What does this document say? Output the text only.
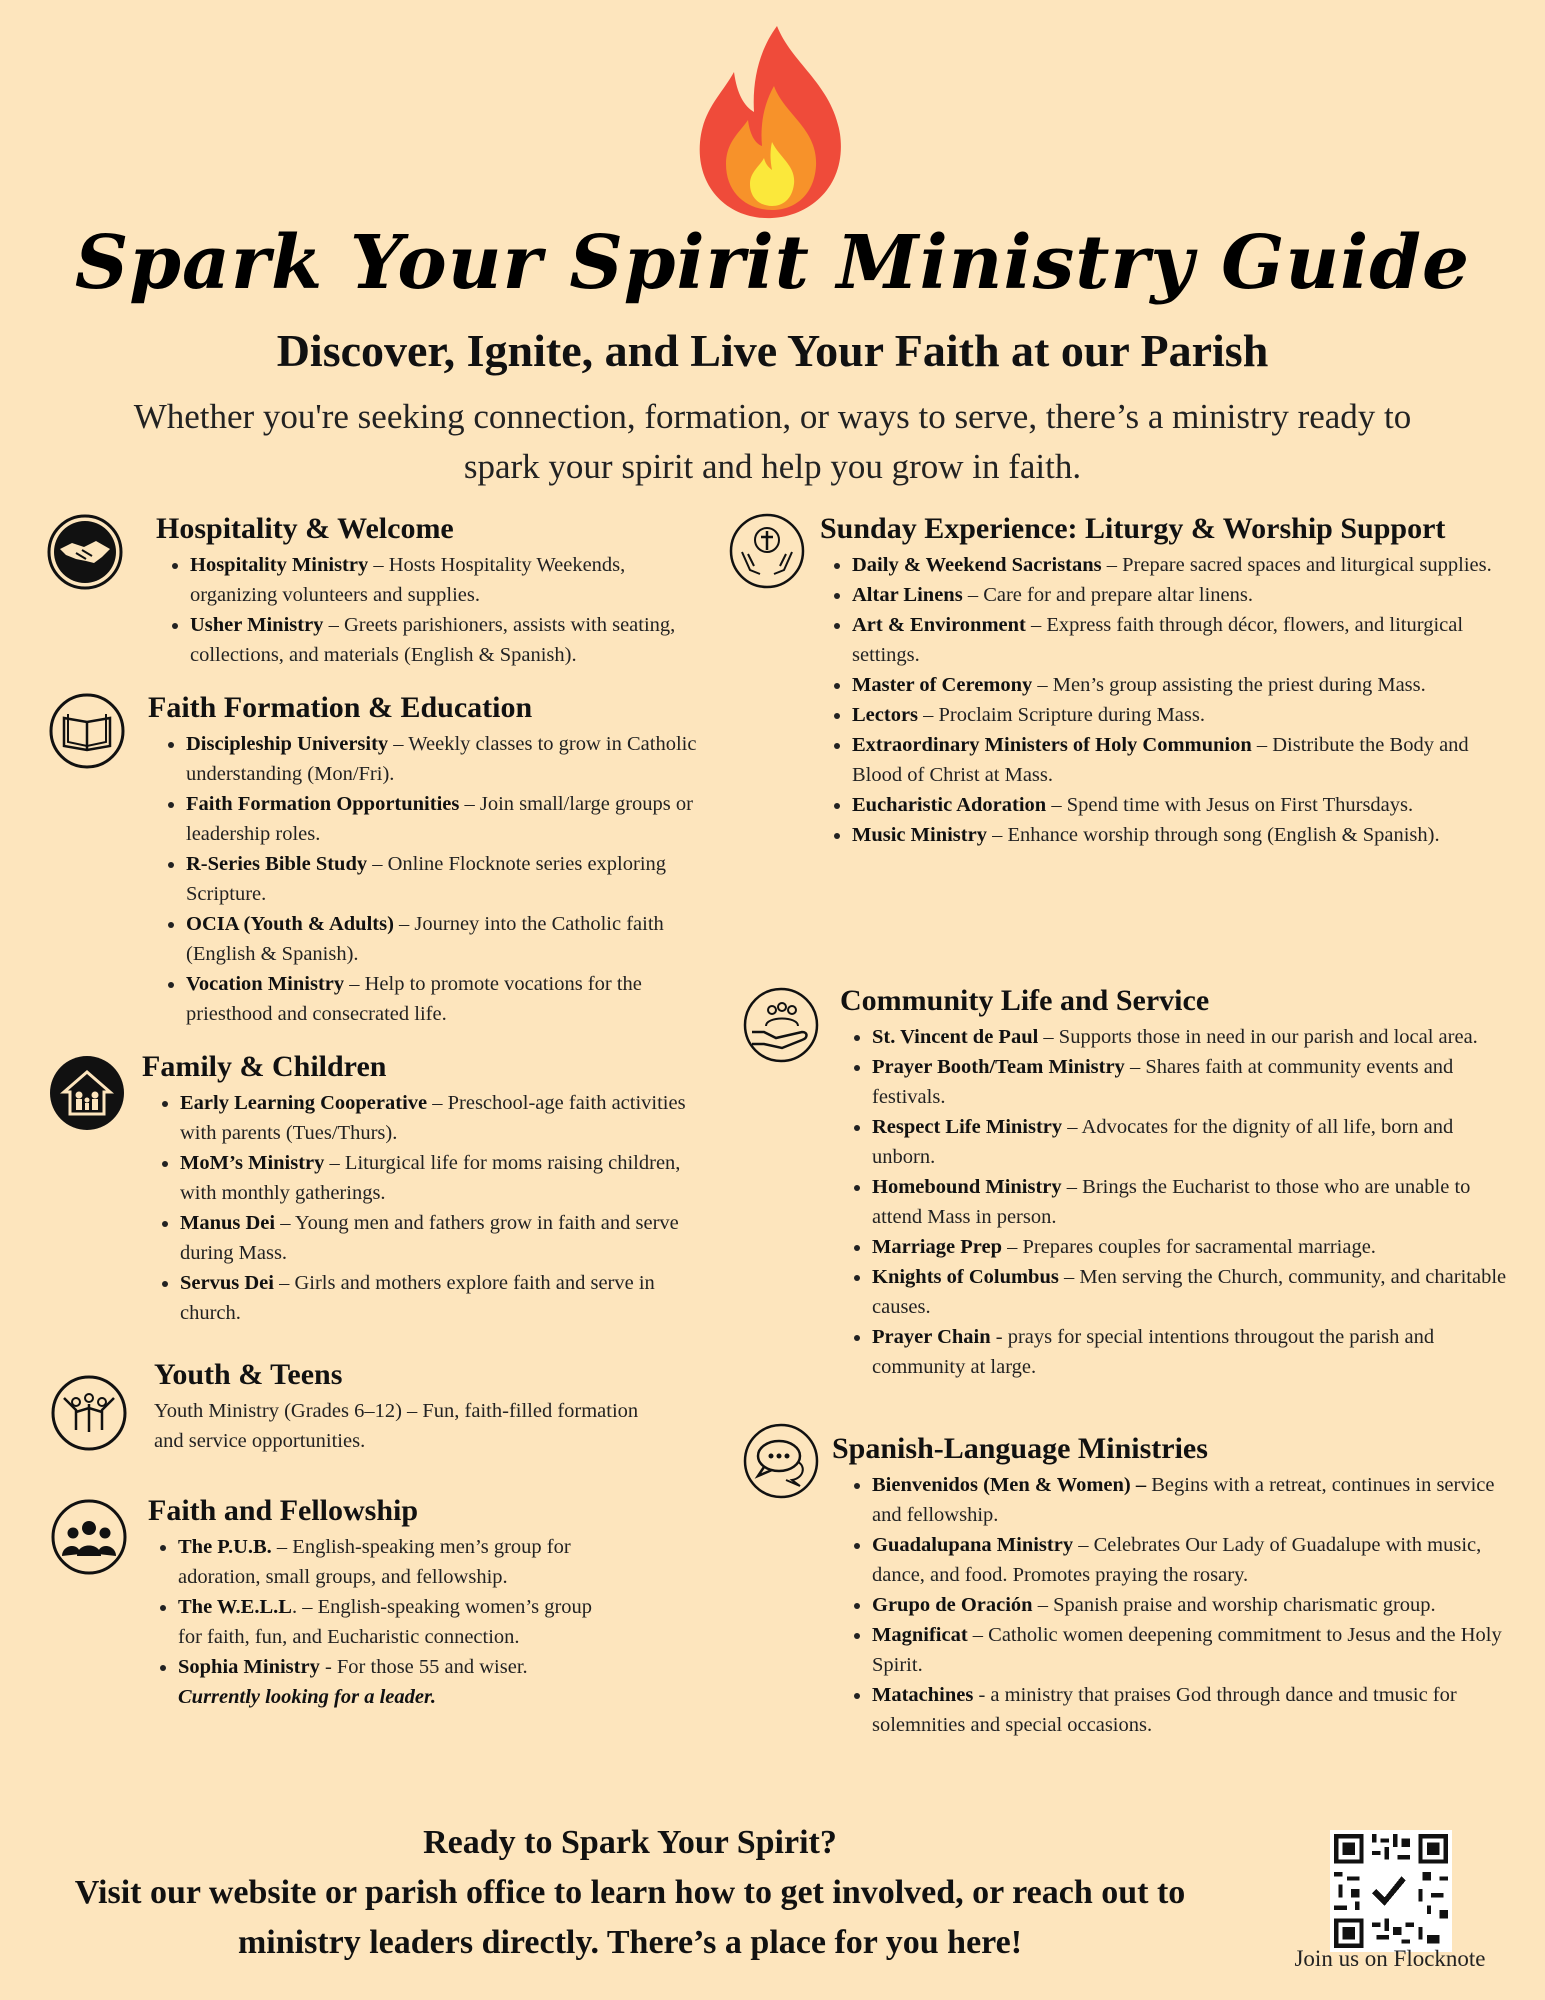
Spark Your Spirit Ministry Guide
Discover, Ignite, and Live Your Faith at our Parish
Whether you're seeking connection, formation, or ways to serve, there’s a ministry ready to spark your spirit and help you grow in faith.
Hospitality & Welcome
• Hospitality Ministry – Hosts Hospitality Weekends, organizing volunteers and supplies.
• Usher Ministry – Greets parishioners, assists with seating, collections, and materials (English & Spanish).
Faith Formation & Education
• Discipleship University – Weekly classes to grow in Catholic understanding (Mon/Fri).
• Faith Formation Opportunities – Join small/large groups or leadership roles.
• R-Series Bible Study – Online Flocknote series exploring Scripture.
• OCIA (Youth & Adults) – Journey into the Catholic faith (English & Spanish).
• Vocation Ministry – Help to promote vocations for the priesthood and consecrated life.
Family & Children
• Early Learning Cooperative – Preschool-age faith activities with parents (Tues/Thurs).
• MoM’s Ministry – Liturgical life for moms raising children, with monthly gatherings.
• Manus Dei – Young men and fathers grow in faith and serve during Mass.
• Servus Dei – Girls and mothers explore faith and serve in church.
Youth & Teens
Youth Ministry (Grades 6–12) – Fun, faith-filled formation and service opportunities.
Faith and Fellowship
• The P.U.B. – English-speaking men’s group for adoration, small groups, and fellowship.
• The W.E.L.L. – English-speaking women’s group for faith, fun, and Eucharistic connection.
• Sophia Ministry - For those 55 and wiser.
Currently looking for a leader.
Sunday Experience: Liturgy & Worship Support
• Daily & Weekend Sacristans – Prepare sacred spaces and liturgical supplies.
• Altar Linens – Care for and prepare altar linens.
• Art & Environment – Express faith through décor, flowers, and liturgical settings.
• Master of Ceremony – Men’s group assisting the priest during Mass.
• Lectors – Proclaim Scripture during Mass.
• Extraordinary Ministers of Holy Communion – Distribute the Body and Blood of Christ at Mass.
• Eucharistic Adoration – Spend time with Jesus on First Thursdays.
• Music Ministry – Enhance worship through song (English & Spanish).
Community Life and Service
• St. Vincent de Paul – Supports those in need in our parish and local area.
• Prayer Booth/Team Ministry – Shares faith at community events and festivals.
• Respect Life Ministry – Advocates for the dignity of all life, born and unborn.
• Homebound Ministry – Brings the Eucharist to those who are unable to attend Mass in person.
• Marriage Prep – Prepares couples for sacramental marriage.
• Knights of Columbus – Men serving the Church, community, and charitable causes.
• Prayer Chain - prays for special intentions througout the parish and community at large.
Spanish-Language Ministries
• Bienvenidos (Men & Women) – Begins with a retreat, continues in service and fellowship.
• Guadalupana Ministry – Celebrates Our Lady of Guadalupe with music, dance, and food. Promotes praying the rosary.
• Grupo de Oración – Spanish praise and worship charismatic group.
• Magnificat – Catholic women deepening commitment to Jesus and the Holy Spirit.
• Matachines - a ministry that praises God through dance and tmusic for solemnities and special occasions.
Ready to Spark Your Spirit?
Visit our website or parish office to learn how to get involved, or reach out to ministry leaders directly. There’s a place for you here!	Join us on Flocknote
